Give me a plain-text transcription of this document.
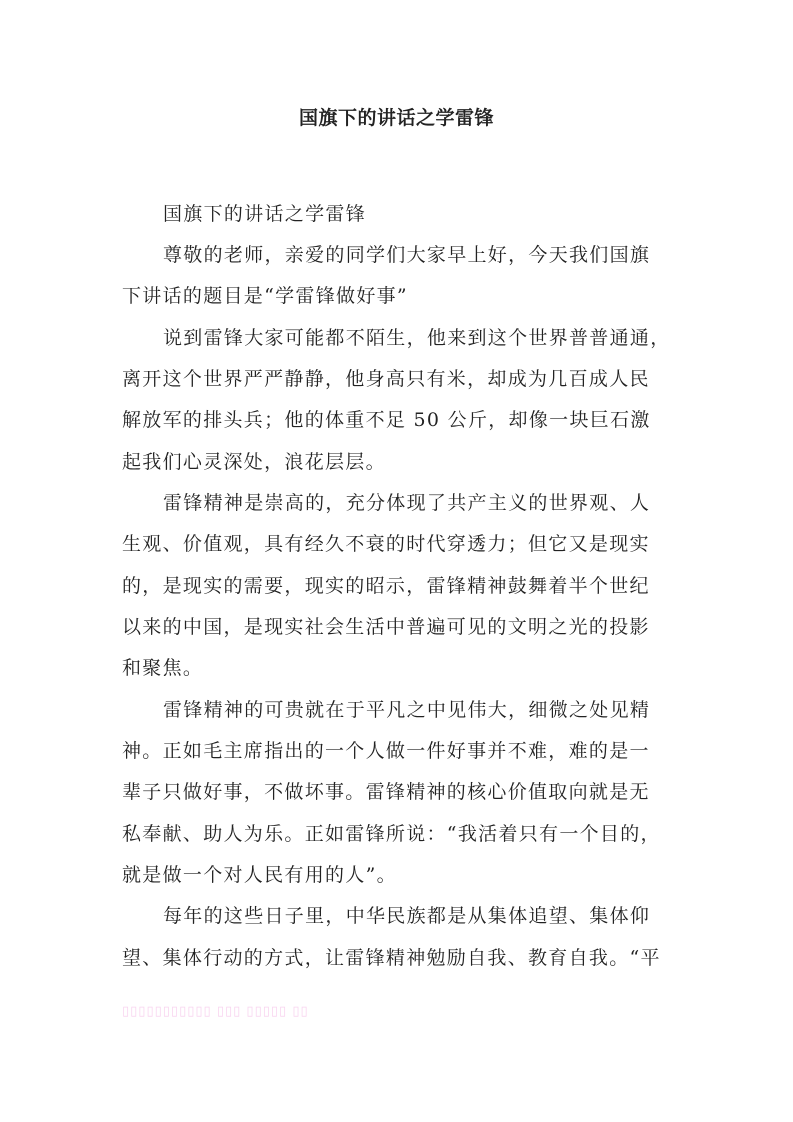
国旗下的讲话之学雷锋
国旗下的讲话之学雷锋
尊敬的老师，亲爱的同学们大家早上好，今天我们国旗
下讲话的题目是“学雷锋做好事”
说到雷锋大家可能都不陌生，他来到这个世界普普通通，
离开这个世界严严静静，他身高只有米，却成为几百成人民
解放军的排头兵；他的体重不足 50 公斤，却像一块巨石激
起我们心灵深处，浪花层层。
雷锋精神是崇高的，充分体现了共产主义的世界观、人
生观、价值观，具有经久不衰的时代穿透力；但它又是现实
的，是现实的需要，现实的昭示，雷锋精神鼓舞着半个世纪
以来的中国，是现实社会生活中普遍可见的文明之光的投影
和聚焦。
雷锋精神的可贵就在于平凡之中见伟大，细微之处见精
神。正如毛主席指出的一个人做一件好事并不难，难的是一
辈子只做好事，不做坏事。雷锋精神的核心价值取向就是无
私奉献、助人为乐。正如雷锋所说：“我活着只有一个目的，
就是做一个对人民有用的人”。
每年的这些日子里，中华民族都是从集体追望、集体仰
望、集体行动的方式，让雷锋精神勉励自我、教育自我。“平
▯▯▯▯▯▯▯▯▯▯▯ ▯▯▯ ▯▯▯▯▯ ▯▯
